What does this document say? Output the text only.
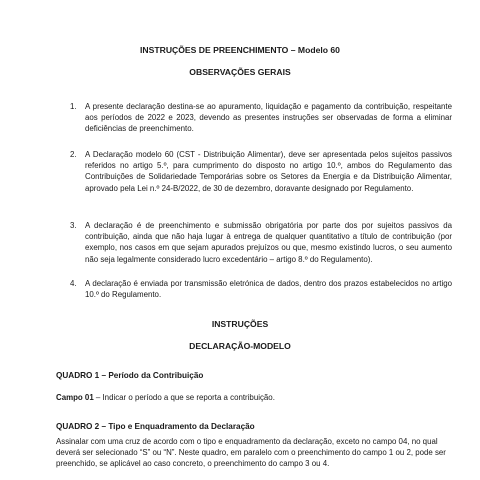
INSTRUÇÕES DE PREENCHIMENTO – Modelo 60
OBSERVAÇÕES GERAIS
1. A presente declaração destina-se ao apuramento, liquidação e pagamento da contribuição, respeitante aos períodos de 2022 e 2023, devendo as presentes instruções ser observadas de forma a eliminar deficiências de preenchimento.
2. A Declaração modelo 60 (CST - Distribuição Alimentar), deve ser apresentada pelos sujeitos passivos referidos no artigo 5.º, para cumprimento do disposto no artigo 10.º, ambos do Regulamento das Contribuições de Solidariedade Temporárias sobre os Setores da Energia e da Distribuição Alimentar, aprovado pela Lei n.º 24-B/2022, de 30 de dezembro, doravante designado por Regulamento.
3. A declaração é de preenchimento e submissão obrigatória por parte dos por sujeitos passivos da contribuição, ainda que não haja lugar à entrega de qualquer quantitativo a título de contribuição (por exemplo, nos casos em que sejam apurados prejuízos ou que, mesmo existindo lucros, o seu aumento não seja legalmente considerado lucro excedentário – artigo 8.º do Regulamento).
4. A declaração é enviada por transmissão eletrónica de dados, dentro dos prazos estabelecidos no artigo 10.º do Regulamento.
INSTRUÇÕES
DECLARAÇÃO-MODELO
QUADRO 1 – Período da Contribuição
Campo 01 – Indicar o período a que se reporta a contribuição.
QUADRO 2 – Tipo e Enquadramento da Declaração
Assinalar com uma cruz de acordo com o tipo e enquadramento da declaração, exceto no campo 04, no qual deverá ser selecionado “S” ou “N”. Neste quadro, em paralelo com o preenchimento do campo 1 ou 2, pode ser preenchido, se aplicável ao caso concreto, o preenchimento do campo 3 ou 4.
